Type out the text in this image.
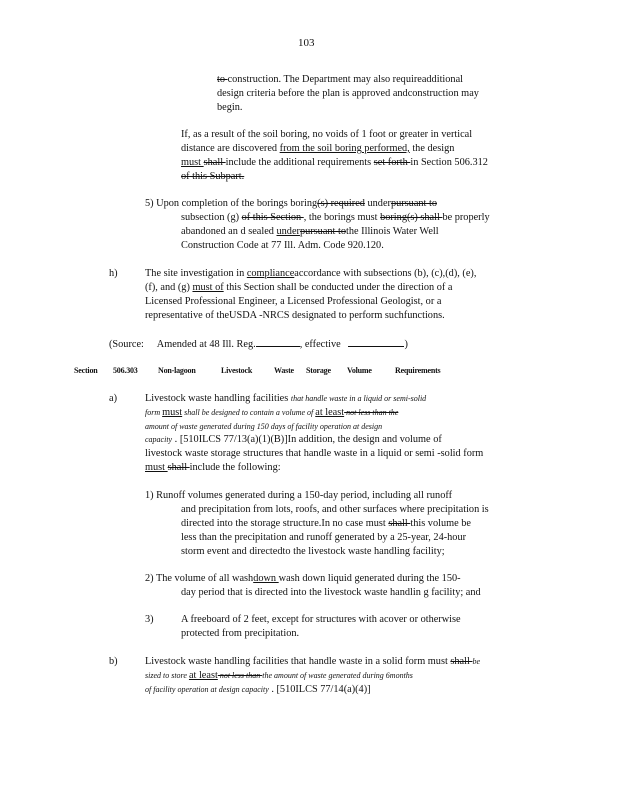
103
to construction. The Department may also requireadditional
design criteria before the plan is approved andconstruction may
begin.
If, as a result of the soil boring, no voids of 1 foot or greater in vertical
distance are discovered from the soil boring performed, the design
must shall include the additional requirements set forth in Section 506.312
of this Subpart.
5) Upon completion of the borings boring(s) required underpursuant to
subsection (g) of this Section , the borings must boring(s) shall be properly
abandoned an d sealed underpursuant tothe Illinois Water Well
Construction Code at 77 Ill. Adm. Code 920.120.
h)	The site investigation in complianceaccordance with subsections (b), (c),(d), (e),
(f), and (g) must of this Section shall be conducted under the direction of a
Licensed Professional Engineer, a Licensed Professional Geologist, or a
representative of theUSDA -NRCS designated to perform suchfunctions.
(Source: Amended at 48 Ill. Reg.	, effective	)
Section 506.303	Non-lagoon	Livestock	Waste Storage Volume	Requirements
a)	Livestock waste handling facilities that handle waste in a liquid or semi-solid
form must shall be designed to contain a volume of at least not less than the
amount of waste generated during 150 days of facility operation at design
capacity . [510ILCS 77/13(a)(1)(B)]In addition, the design and volume of
livestock waste storage structures that handle waste in a liquid or semi -solid form
must shall include the following:
1) Runoff volumes generated during a 150-day period, including all runoff
and precipitation from lots, roofs, and other surfaces where precipitation is
directed into the storage structure.In no case must shall this volume be
less than the precipitation and runoff generated by a 25-year, 24-hour
storm event and directedto the livestock waste handling facility;
2) The volume of all washdown wash down liquid generated during the 150-
day period that is directed into the livestock waste handlin g facility; and
3)	A freeboard of 2 feet, except for structures with acover or otherwise
protected from precipitation.
b)	Livestock waste handling facilities that handle waste in a solid form must shall be
sized to store at least not less than the amount of waste generated during 6months
of facility operation at design capacity . [510ILCS 77/14(a)(4)]
